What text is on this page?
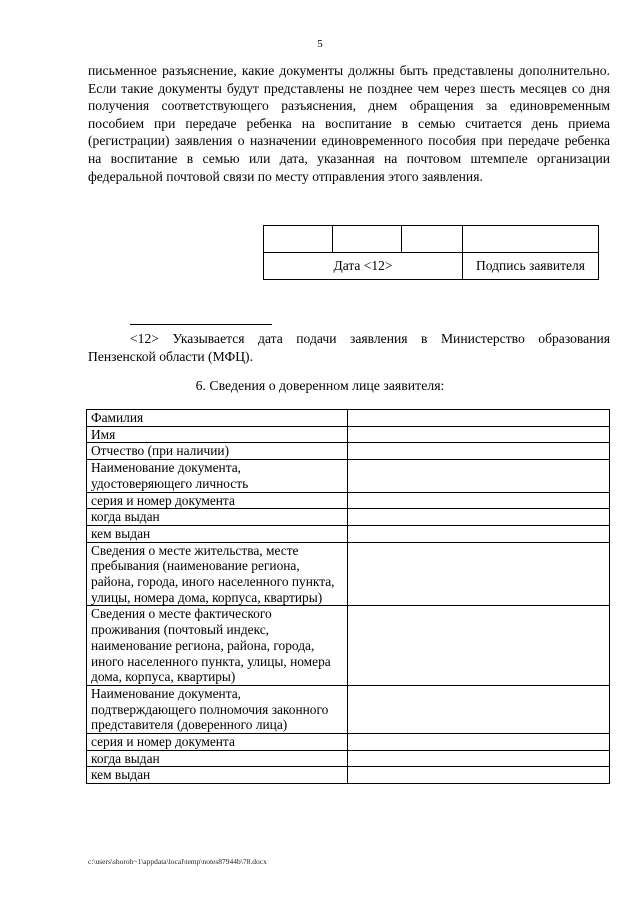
5
письменное разъяснение, какие документы должны быть представлены дополнительно. Если такие документы будут представлены не позднее чем через шесть месяцев со дня получения соответствующего разъяснения, днем обращения за единовременным пособием при передаче ребенка на воспитание в семью считается день приема (регистрации) заявления о назначении единовременного пособия при передаче ребенка на воспитание в семью или дата, указанная на почтовом штемпеле организации федеральной почтовой связи по месту отправления этого заявления.

Дата <12>			Подпись заявителя
<12> Указывается дата подачи заявления в Министерство образования Пензенской области (МФЦ).
6. Сведения о доверенном лице заявителя:
Фамилия	
Имя	
Отчество (при наличии)	
Наименование документа, удостоверяющего личность	
серия и номер документа	
когда выдан	
кем выдан	
Сведения о месте жительства, месте пребывания (наименование региона, района, города, иного населенного пункта, улицы, номера дома, корпуса, квартиры)	
Сведения о месте фактического проживания (почтовый индекс, наименование региона, района, города, иного населенного пункта, улицы, номера дома, корпуса, квартиры)	
Наименование документа, подтверждающего полномочия законного представителя (доверенного лица)	
серия и номер документа	
когда выдан	
кем выдан	
c:\users\shoroh~1\appdata\local\temp\notes87944b\78.docx
